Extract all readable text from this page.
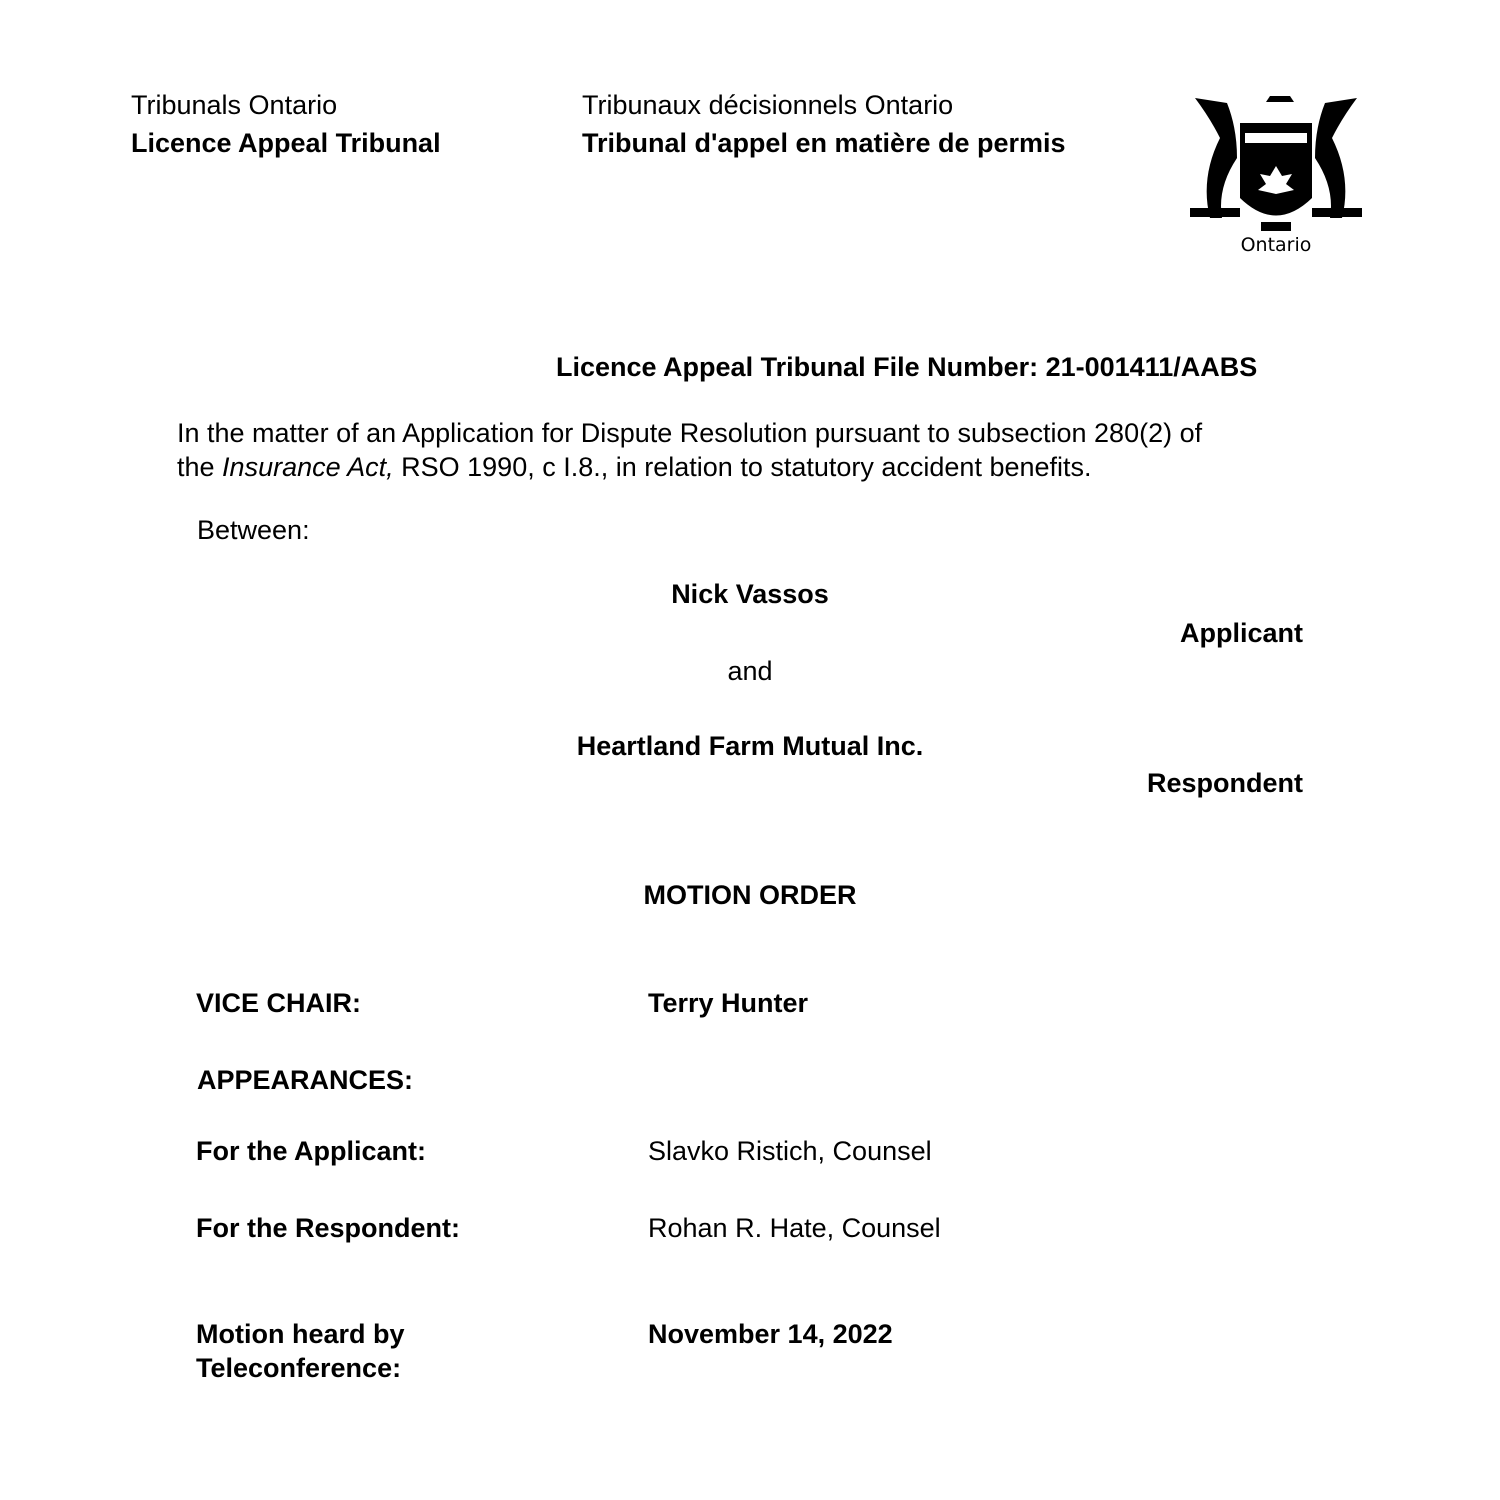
Tribunals Ontario
Licence Appeal Tribunal
Tribunaux décisionnels Ontario
Tribunal d'appel en matière de permis
Ontario
Licence Appeal Tribunal File Number: 21-001411/AABS
In the matter of an Application for Dispute Resolution pursuant to subsection 280(2) of
the Insurance Act, RSO 1990, c I.8., in relation to statutory accident benefits.
Between:
Nick Vassos
Applicant
and
Heartland Farm Mutual Inc.
Respondent
MOTION ORDER
VICE CHAIR:	Terry Hunter
APPEARANCES:
For the Applicant:	Slavko Ristich, Counsel
For the Respondent:	Rohan R. Hate, Counsel
Motion heard by
Teleconference:
November 14, 2022
